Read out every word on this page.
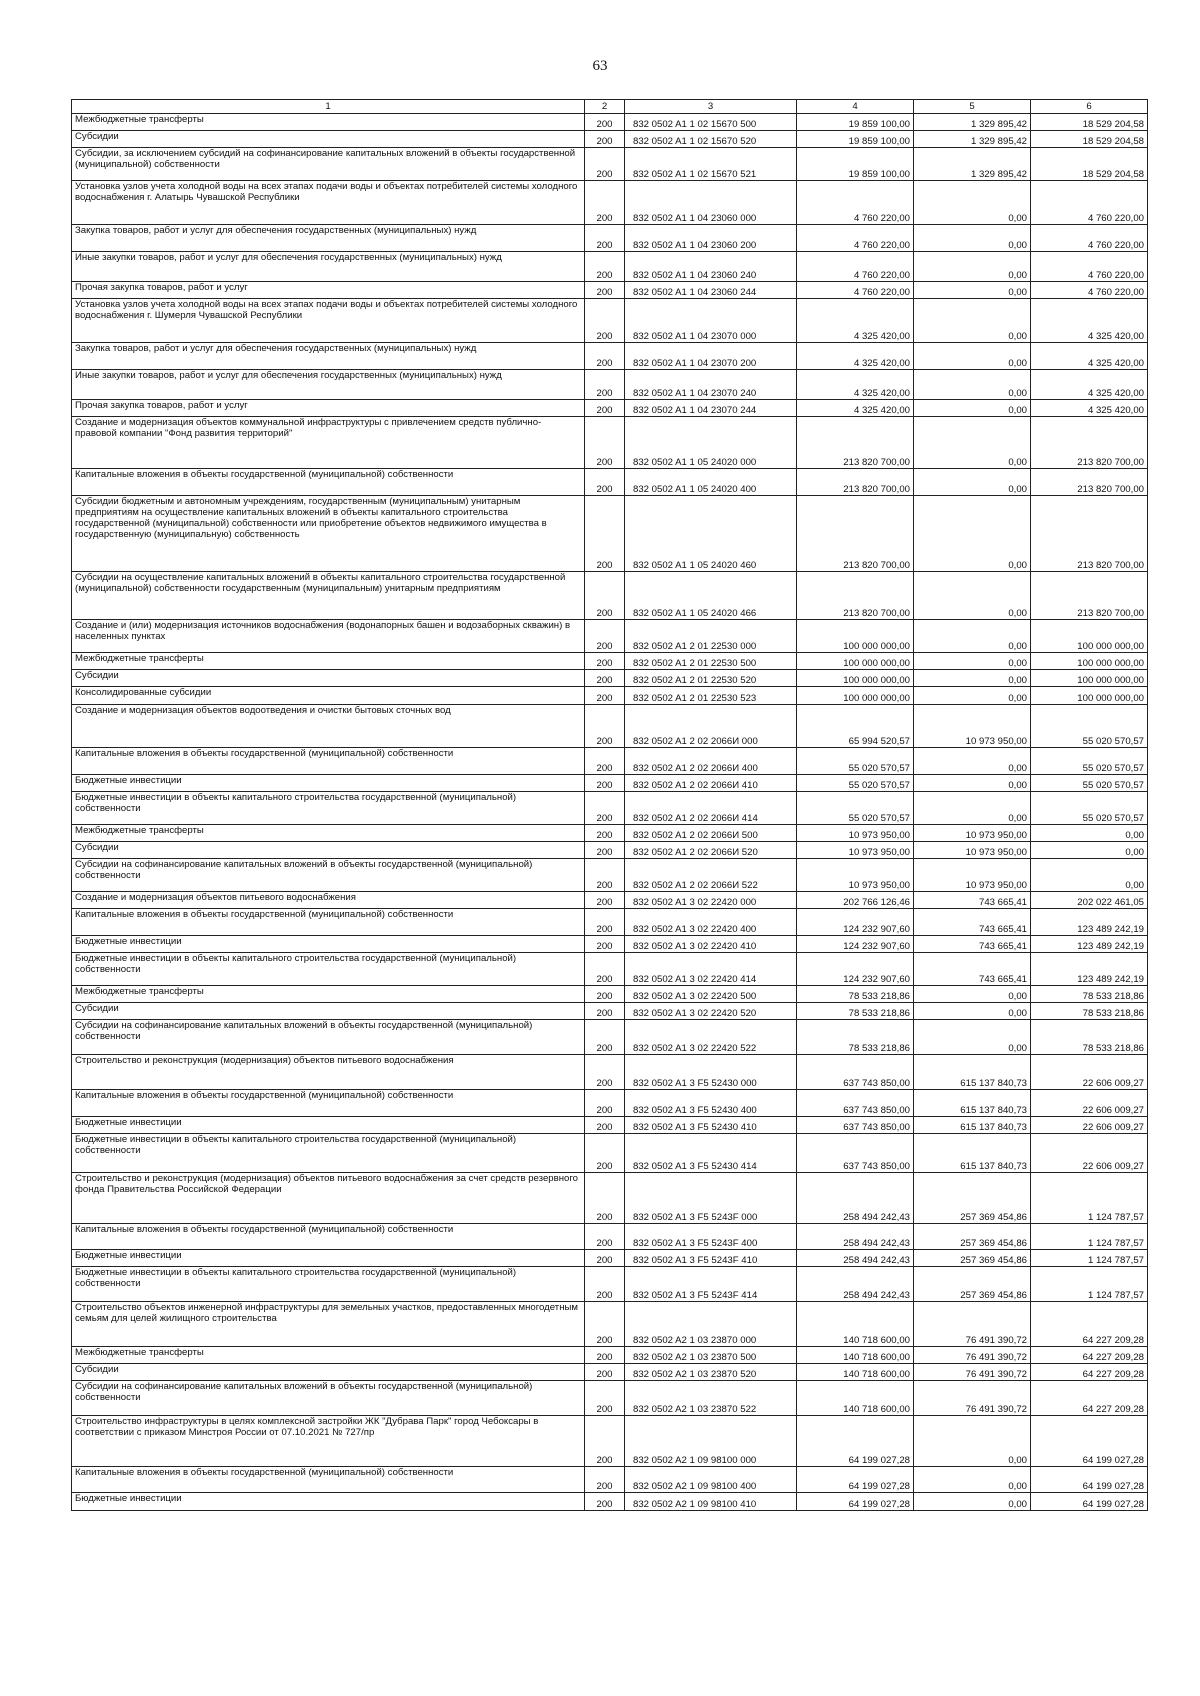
63
1	2	3	4	5	6

Межбюджетные трансферты	200	832 0502 A1 1 02 15670 500	19 859 100,00	1 329 895,42	18 529 204,58

Субсидии	200	832 0502 A1 1 02 15670 520	19 859 100,00	1 329 895,42	18 529 204,58

Субсидии, за исключением субсидий на софинансирование капитальных вложений в объекты государственной (муниципальной) собственности	200	832 0502 A1 1 02 15670 521	19 859 100,00	1 329 895,42	18 529 204,58

Установка узлов учета холодной воды на всех этапах подачи воды и объектах потребителей системы холодного водоснабжения г. Алатырь Чувашской Республики	200	832 0502 A1 1 04 23060 000	4 760 220,00	0,00	4 760 220,00

Закупка товаров, работ и услуг для обеспечения государственных (муниципальных) нужд	200	832 0502 A1 1 04 23060 200	4 760 220,00	0,00	4 760 220,00

Иные закупки товаров, работ и услуг для обеспечения государственных (муниципальных) нужд	200	832 0502 A1 1 04 23060 240	4 760 220,00	0,00	4 760 220,00

Прочая закупка товаров, работ и услуг	200	832 0502 A1 1 04 23060 244	4 760 220,00	0,00	4 760 220,00

Установка узлов учета холодной воды на всех этапах подачи воды и объектах потребителей системы холодного водоснабжения г. Шумерля Чувашской Республики	200	832 0502 A1 1 04 23070 000	4 325 420,00	0,00	4 325 420,00

Закупка товаров, работ и услуг для обеспечения государственных (муниципальных) нужд	200	832 0502 A1 1 04 23070 200	4 325 420,00	0,00	4 325 420,00

Иные закупки товаров, работ и услуг для обеспечения государственных (муниципальных) нужд	200	832 0502 A1 1 04 23070 240	4 325 420,00	0,00	4 325 420,00

Прочая закупка товаров, работ и услуг	200	832 0502 A1 1 04 23070 244	4 325 420,00	0,00	4 325 420,00

Создание и модернизация объектов коммунальной инфраструктуры с привлечением средств публично-правовой компании "Фонд развития территорий"	200	832 0502 A1 1 05 24020 000	213 820 700,00	0,00	213 820 700,00

Капитальные вложения в объекты государственной (муниципальной) собственности	200	832 0502 A1 1 05 24020 400	213 820 700,00	0,00	213 820 700,00

Субсидии бюджетным и автономным учреждениям, государственным (муниципальным) унитарным предприятиям на осуществление капитальных вложений в объекты капитального строительства государственной (муниципальной) собственности или приобретение объектов недвижимого имущества в государственную (муниципальную) собственность	200	832 0502 A1 1 05 24020 460	213 820 700,00	0,00	213 820 700,00

Субсидии на осуществление капитальных вложений в объекты капитального строительства государственной (муниципальной) собственности государственным (муниципальным) унитарным предприятиям	200	832 0502 A1 1 05 24020 466	213 820 700,00	0,00	213 820 700,00

Создание и (или) модернизация источников водоснабжения (водонапорных башен и водозаборных скважин) в населенных пунктах	200	832 0502 A1 2 01 22530 000	100 000 000,00	0,00	100 000 000,00

Межбюджетные трансферты	200	832 0502 A1 2 01 22530 500	100 000 000,00	0,00	100 000 000,00

Субсидии	200	832 0502 A1 2 01 22530 520	100 000 000,00	0,00	100 000 000,00

Консолидированные субсидии	200	832 0502 A1 2 01 22530 523	100 000 000,00	0,00	100 000 000,00

Создание и модернизация объектов водоотведения и очистки бытовых сточных вод	200	832 0502 A1 2 02 2066И 000	65 994 520,57	10 973 950,00	55 020 570,57

Капитальные вложения в объекты государственной (муниципальной) собственности	200	832 0502 A1 2 02 2066И 400	55 020 570,57	0,00	55 020 570,57

Бюджетные инвестиции	200	832 0502 A1 2 02 2066И 410	55 020 570,57	0,00	55 020 570,57

Бюджетные инвестиции в объекты капитального строительства государственной (муниципальной) собственности	200	832 0502 A1 2 02 2066И 414	55 020 570,57	0,00	55 020 570,57

Межбюджетные трансферты	200	832 0502 A1 2 02 2066И 500	10 973 950,00	10 973 950,00	0,00

Субсидии	200	832 0502 A1 2 02 2066И 520	10 973 950,00	10 973 950,00	0,00

Субсидии на софинансирование капитальных вложений в объекты государственной (муниципальной) собственности	200	832 0502 A1 2 02 2066И 522	10 973 950,00	10 973 950,00	0,00

Создание и модернизация объектов питьевого водоснабжения	200	832 0502 A1 3 02 22420 000	202 766 126,46	743 665,41	202 022 461,05

Капитальные вложения в объекты государственной (муниципальной) собственности	200	832 0502 A1 3 02 22420 400	124 232 907,60	743 665,41	123 489 242,19

Бюджетные инвестиции	200	832 0502 A1 3 02 22420 410	124 232 907,60	743 665,41	123 489 242,19

Бюджетные инвестиции в объекты капитального строительства государственной (муниципальной) собственности	200	832 0502 A1 3 02 22420 414	124 232 907,60	743 665,41	123 489 242,19

Межбюджетные трансферты	200	832 0502 A1 3 02 22420 500	78 533 218,86	0,00	78 533 218,86

Субсидии	200	832 0502 A1 3 02 22420 520	78 533 218,86	0,00	78 533 218,86

Субсидии на софинансирование капитальных вложений в объекты государственной (муниципальной) собственности	200	832 0502 A1 3 02 22420 522	78 533 218,86	0,00	78 533 218,86

Строительство и реконструкция (модернизация) объектов питьевого водоснабжения	200	832 0502 A1 3 F5 52430 000	637 743 850,00	615 137 840,73	22 606 009,27

Капитальные вложения в объекты государственной (муниципальной) собственности	200	832 0502 A1 3 F5 52430 400	637 743 850,00	615 137 840,73	22 606 009,27

Бюджетные инвестиции	200	832 0502 A1 3 F5 52430 410	637 743 850,00	615 137 840,73	22 606 009,27

Бюджетные инвестиции в объекты капитального строительства государственной (муниципальной) собственности	200	832 0502 A1 3 F5 52430 414	637 743 850,00	615 137 840,73	22 606 009,27

Строительство и реконструкция (модернизация) объектов питьевого водоснабжения за счет средств резервного фонда Правительства Российской Федерации	200	832 0502 A1 3 F5 5243F 000	258 494 242,43	257 369 454,86	1 124 787,57

Капитальные вложения в объекты государственной (муниципальной) собственности	200	832 0502 A1 3 F5 5243F 400	258 494 242,43	257 369 454,86	1 124 787,57

Бюджетные инвестиции	200	832 0502 A1 3 F5 5243F 410	258 494 242,43	257 369 454,86	1 124 787,57

Бюджетные инвестиции в объекты капитального строительства государственной (муниципальной) собственности	200	832 0502 A1 3 F5 5243F 414	258 494 242,43	257 369 454,86	1 124 787,57

Строительство объектов инженерной инфраструктуры для земельных участков, предоставленных многодетным семьям для целей жилищного строительства	200	832 0502 A2 1 03 23870 000	140 718 600,00	76 491 390,72	64 227 209,28

Межбюджетные трансферты	200	832 0502 A2 1 03 23870 500	140 718 600,00	76 491 390,72	64 227 209,28

Субсидии	200	832 0502 A2 1 03 23870 520	140 718 600,00	76 491 390,72	64 227 209,28

Субсидии на софинансирование капитальных вложений в объекты государственной (муниципальной) собственности	200	832 0502 A2 1 03 23870 522	140 718 600,00	76 491 390,72	64 227 209,28

Строительство инфраструктуры в целях комплексной застройки ЖК "Дубрава Парк" город Чебоксары в соответствии с приказом Минстроя России от 07.10.2021 № 727/пр	200	832 0502 A2 1 09 98100 000	64 199 027,28	0,00	64 199 027,28

Капитальные вложения в объекты государственной (муниципальной) собственности	200	832 0502 A2 1 09 98100 400	64 199 027,28	0,00	64 199 027,28

Бюджетные инвестиции	200	832 0502 A2 1 09 98100 410	64 199 027,28	0,00	64 199 027,28
